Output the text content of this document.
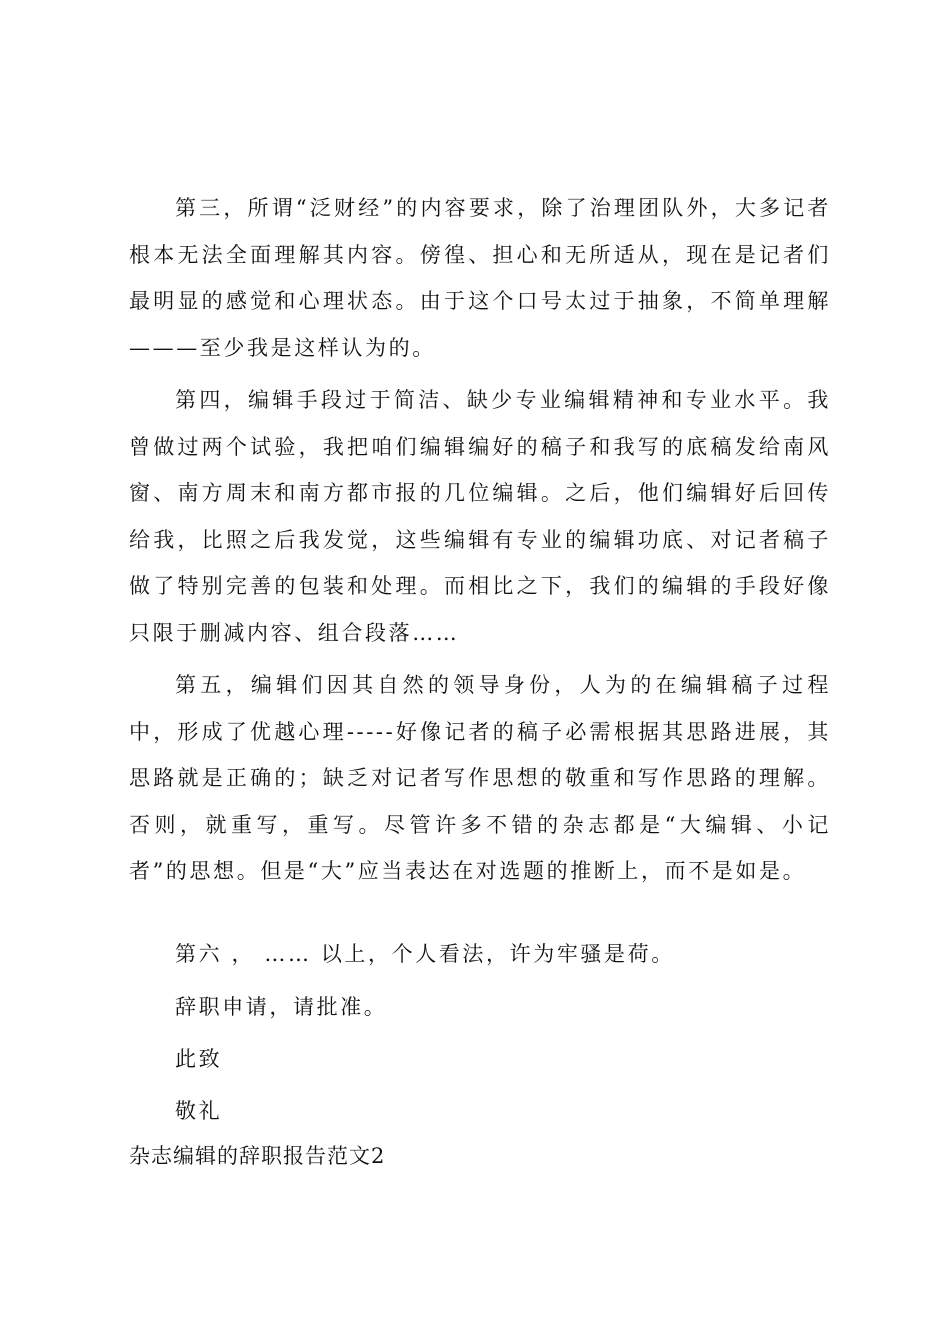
第三，所谓“泛财经”的内容要求，除了治理团队外，大多记者根本无法全面理解其内容。傍徨、担心和无所适从，现在是记者们最明显的感觉和心理状态。由于这个口号太过于抽象，不简单理解———至少我是这样认为的。

第四，编辑手段过于简洁、缺少专业编辑精神和专业水平。我曾做过两个试验，我把咱们编辑编好的稿子和我写的底稿发给南风窗、南方周末和南方都市报的几位编辑。之后，他们编辑好后回传给我，比照之后我发觉，这些编辑有专业的编辑功底、对记者稿子做了特别完善的包装和处理。而相比之下，我们的编辑的手段好像只限于删减内容、组合段落……

第五，编辑们因其自然的领导身份，人为的在编辑稿子过程中，形成了优越心理-----好像记者的稿子必需根据其思路进展，其思路就是正确的；缺乏对记者写作思想的敬重和写作思路的理解。否则，就重写，重写。尽管许多不错的杂志都是“大编辑、小记者”的思想。但是“大”应当表达在对选题的推断上，而不是如是。

第六 ， …… 以上，个人看法，许为牢骚是荷。
辞职申请，请批准。
此致
敬礼
杂志编辑的辞职报告范文2
